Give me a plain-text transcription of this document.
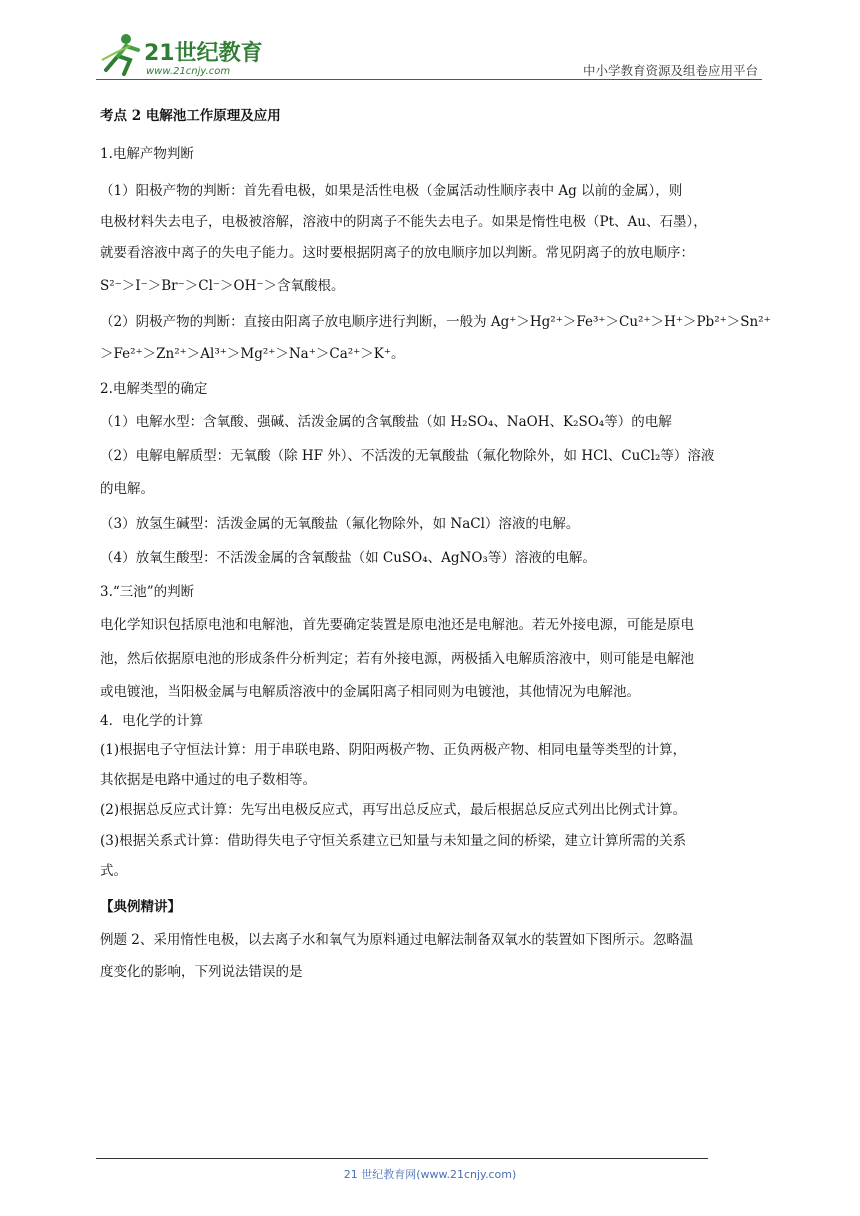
21世纪教育
www.21cnjy.com	中小学教育资源及组卷应用平台
考点 2 电解池工作原理及应用
1.电解产物判断
（1）阳极产物的判断：首先看电极，如果是活性电极（金属活动性顺序表中 Ag 以前的金属），则
电极材料失去电子，电极被溶解，溶液中的阴离子不能失去电子。如果是惰性电极（Pt、Au、石墨），
就要看溶液中离子的失电子能力。这时要根据阴离子的放电顺序加以判断。常见阴离子的放电顺序：
S²⁻＞I⁻＞Br⁻＞Cl⁻＞OH⁻＞含氧酸根。
（2）阴极产物的判断：直接由阳离子放电顺序进行判断，一般为 Ag⁺＞Hg²⁺＞Fe³⁺＞Cu²⁺＞H⁺＞Pb²⁺＞Sn²⁺
＞Fe²⁺＞Zn²⁺＞Al³⁺＞Mg²⁺＞Na⁺＞Ca²⁺＞K⁺。
2.电解类型的确定
（1）电解水型：含氧酸、强碱、活泼金属的含氧酸盐（如 H₂SO₄、NaOH、K₂SO₄等）的电解
（2）电解电解质型：无氧酸（除 HF 外）、不活泼的无氧酸盐（氟化物除外，如 HCl、CuCl₂等）溶液
的电解。
（3）放氢生碱型：活泼金属的无氧酸盐（氟化物除外，如 NaCl）溶液的电解。
（4）放氧生酸型：不活泼金属的含氧酸盐（如 CuSO₄、AgNO₃等）溶液的电解。
3.“三池”的判断
电化学知识包括原电池和电解池，首先要确定装置是原电池还是电解池。若无外接电源，可能是原电
池，然后依据原电池的形成条件分析判定；若有外接电源，两极插入电解质溶液中，则可能是电解池
或电镀池，当阳极金属与电解质溶液中的金属阳离子相同则为电镀池，其他情况为电解池。
4．电化学的计算
(1)根据电子守恒法计算：用于串联电路、阴阳两极产物、正负两极产物、相同电量等类型的计算，
其依据是电路中通过的电子数相等。
(2)根据总反应式计算：先写出电极反应式，再写出总反应式，最后根据总反应式列出比例式计算。
(3)根据关系式计算：借助得失电子守恒关系建立已知量与未知量之间的桥梁，建立计算所需的关系
式。
【典例精讲】
例题 2、采用惰性电极，以去离子水和氧气为原料通过电解法制备双氧水的装置如下图所示。忽略温
度变化的影响，下列说法错误的是
21 世纪教育网(www.21cnjy.com)
